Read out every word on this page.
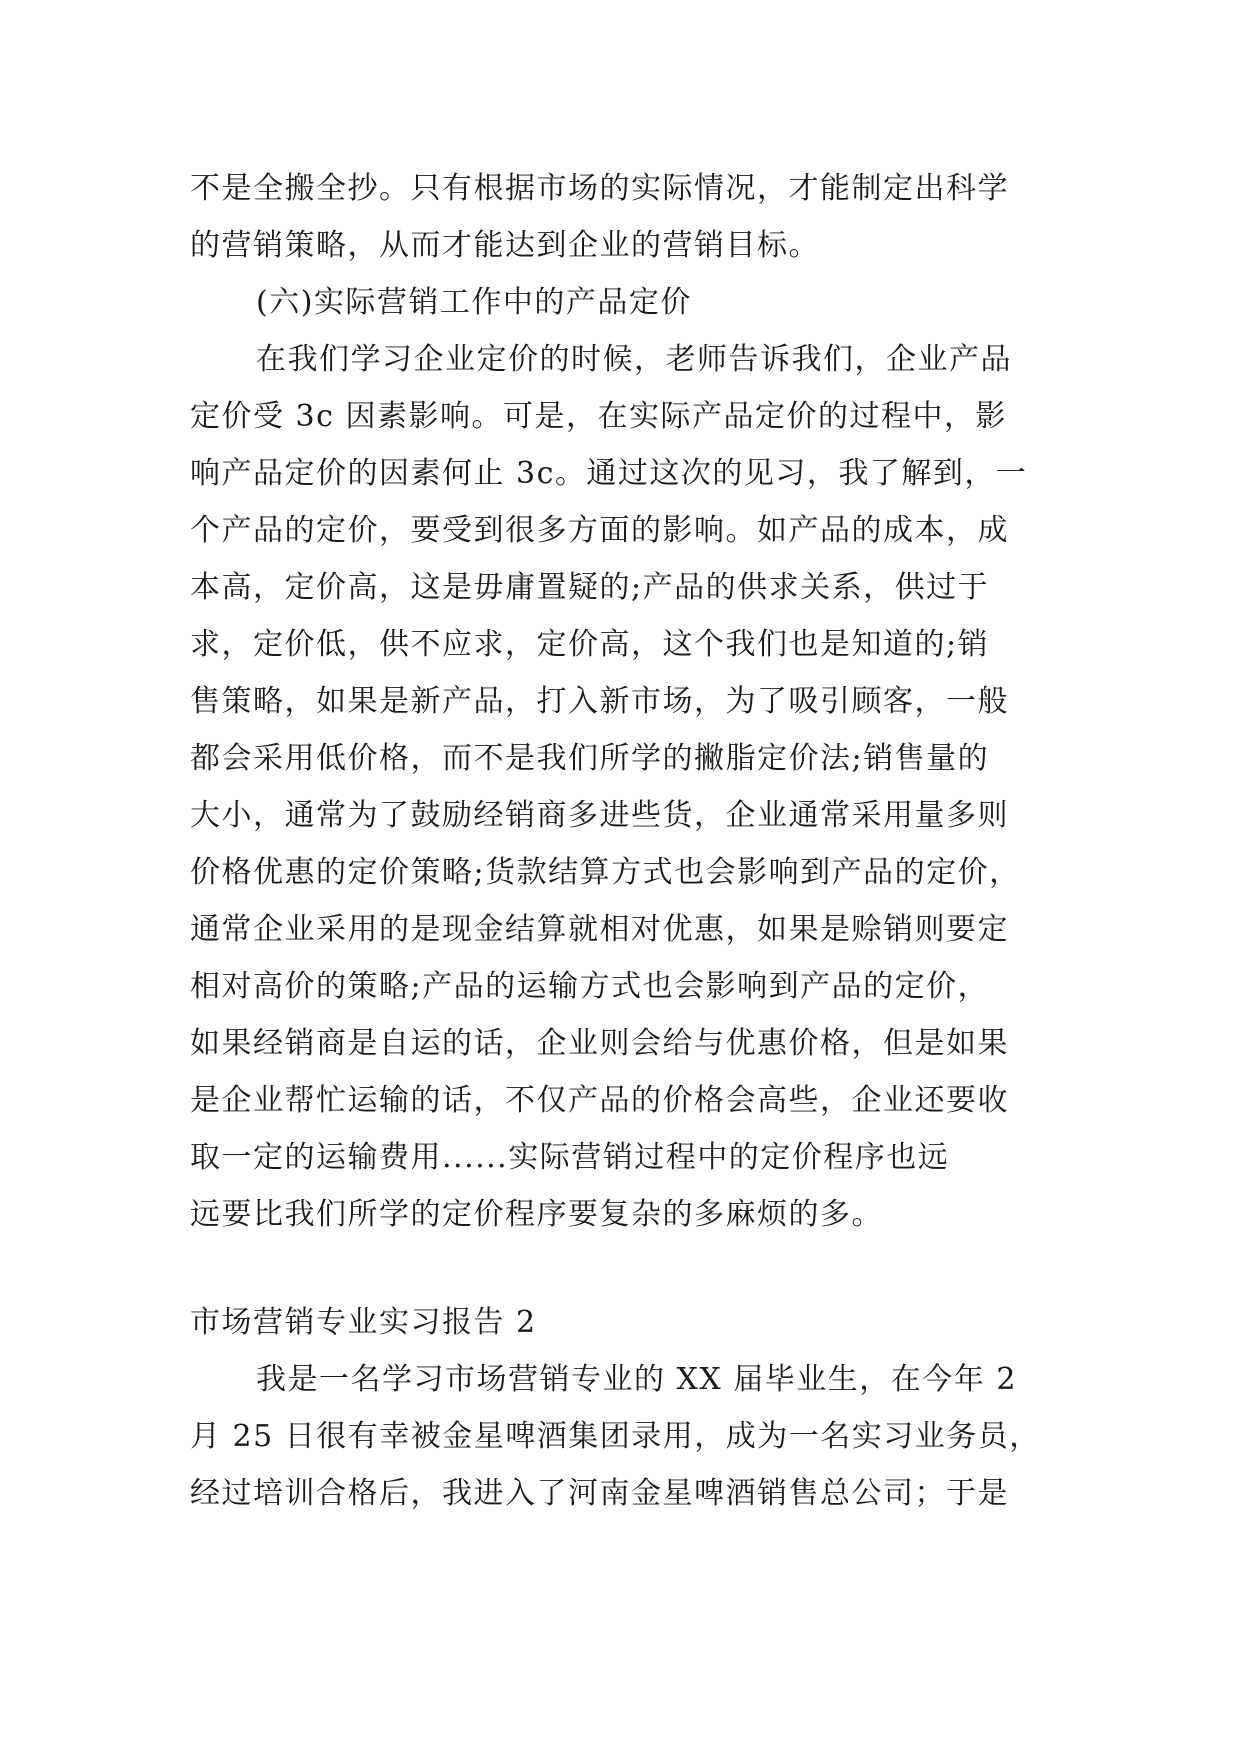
不是全搬全抄。只有根据市场的实际情况，才能制定出科学
的营销策略，从而才能达到企业的营销目标。
(六)实际营销工作中的产品定价
在我们学习企业定价的时候，老师告诉我们，企业产品
定价受 3c 因素影响。可是，在实际产品定价的过程中，影
响产品定价的因素何止 3c。通过这次的见习，我了解到，一
个产品的定价，要受到很多方面的影响。如产品的成本，成
本高，定价高，这是毋庸置疑的;产品的供求关系，供过于
求，定价低，供不应求，定价高，这个我们也是知道的;销
售策略，如果是新产品，打入新市场，为了吸引顾客，一般
都会采用低价格，而不是我们所学的撇脂定价法;销售量的
大小，通常为了鼓励经销商多进些货，企业通常采用量多则
价格优惠的定价策略;货款结算方式也会影响到产品的定价，
通常企业采用的是现金结算就相对优惠，如果是赊销则要定
相对高价的策略;产品的运输方式也会影响到产品的定价，
如果经销商是自运的话，企业则会给与优惠价格，但是如果
是企业帮忙运输的话，不仅产品的价格会高些，企业还要收
取一定的运输费用......实际营销过程中的定价程序也远
远要比我们所学的定价程序要复杂的多麻烦的多。
市场营销专业实习报告 2
我是一名学习市场营销专业的 XX 届毕业生，在今年 2
月 25 日很有幸被金星啤酒集团录用，成为一名实习业务员，
经过培训合格后，我进入了河南金星啤酒销售总公司；于是
